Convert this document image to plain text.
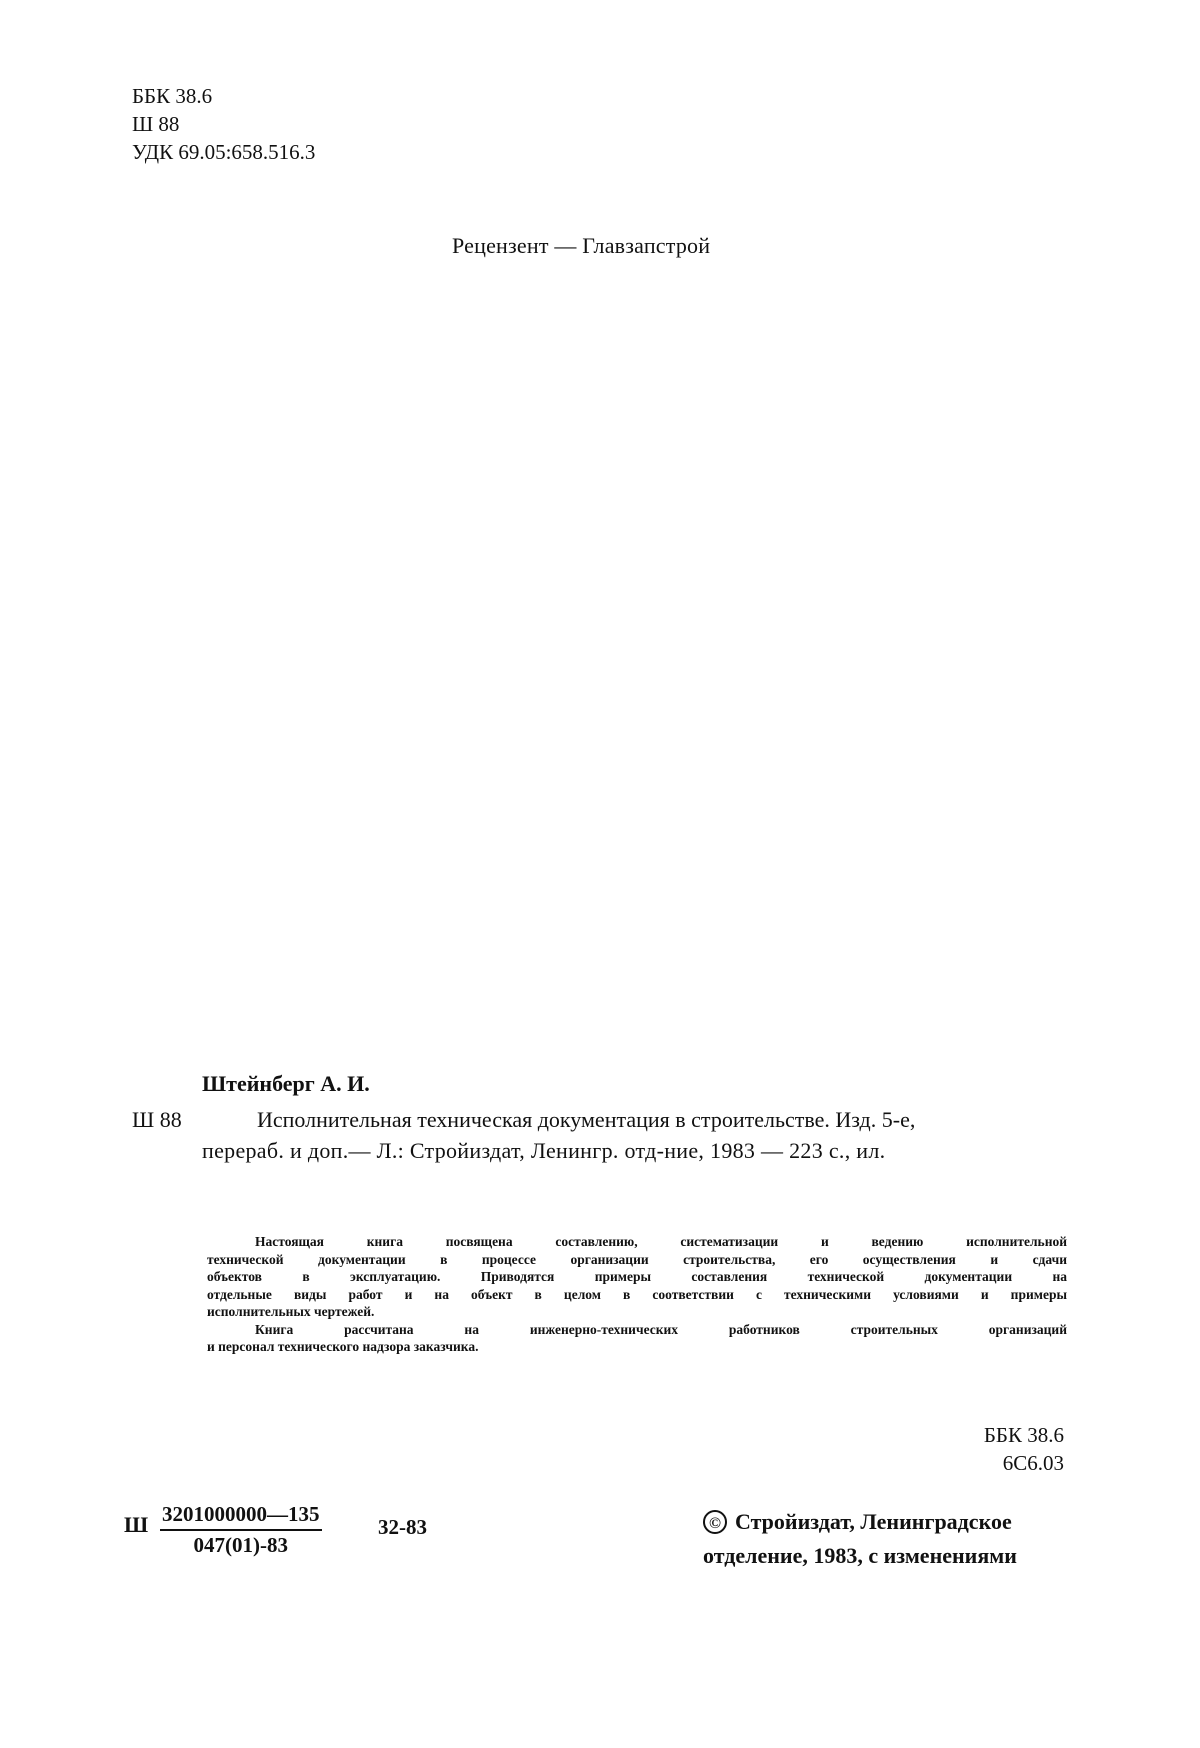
ББК 38.6
Ш 88
УДК 69.05:658.516.3
Рецензент — Главзапстрой
Штейнберг А. И.
Ш 88	Исполнительная техническая документация в строительстве. Изд. 5-е,
перераб. и доп.— Л.: Стройиздат, Ленингр. отд-ние, 1983 — 223 с., ил.

Настоящая книга посвящена составлению, систематизации и ведению исполнительной
технической документации в процессе организации строительства, его осуществления и сдачи
объектов в эксплуатацию. Приводятся примеры составления технической документации на
отдельные виды работ и на объект в целом в соответствии с техническими условиями и примеры
исполнительных чертежей.

Книга рассчитана на инженерно-технических работников строительных организаций
и персонал технического надзора заказчика.

ББК 38.6
6С6.03
Ш $\frac{3201000000—135}{047(01)-83}$	32-83	© Стройиздат, Ленинградское
отделение, 1983, с изменениями
